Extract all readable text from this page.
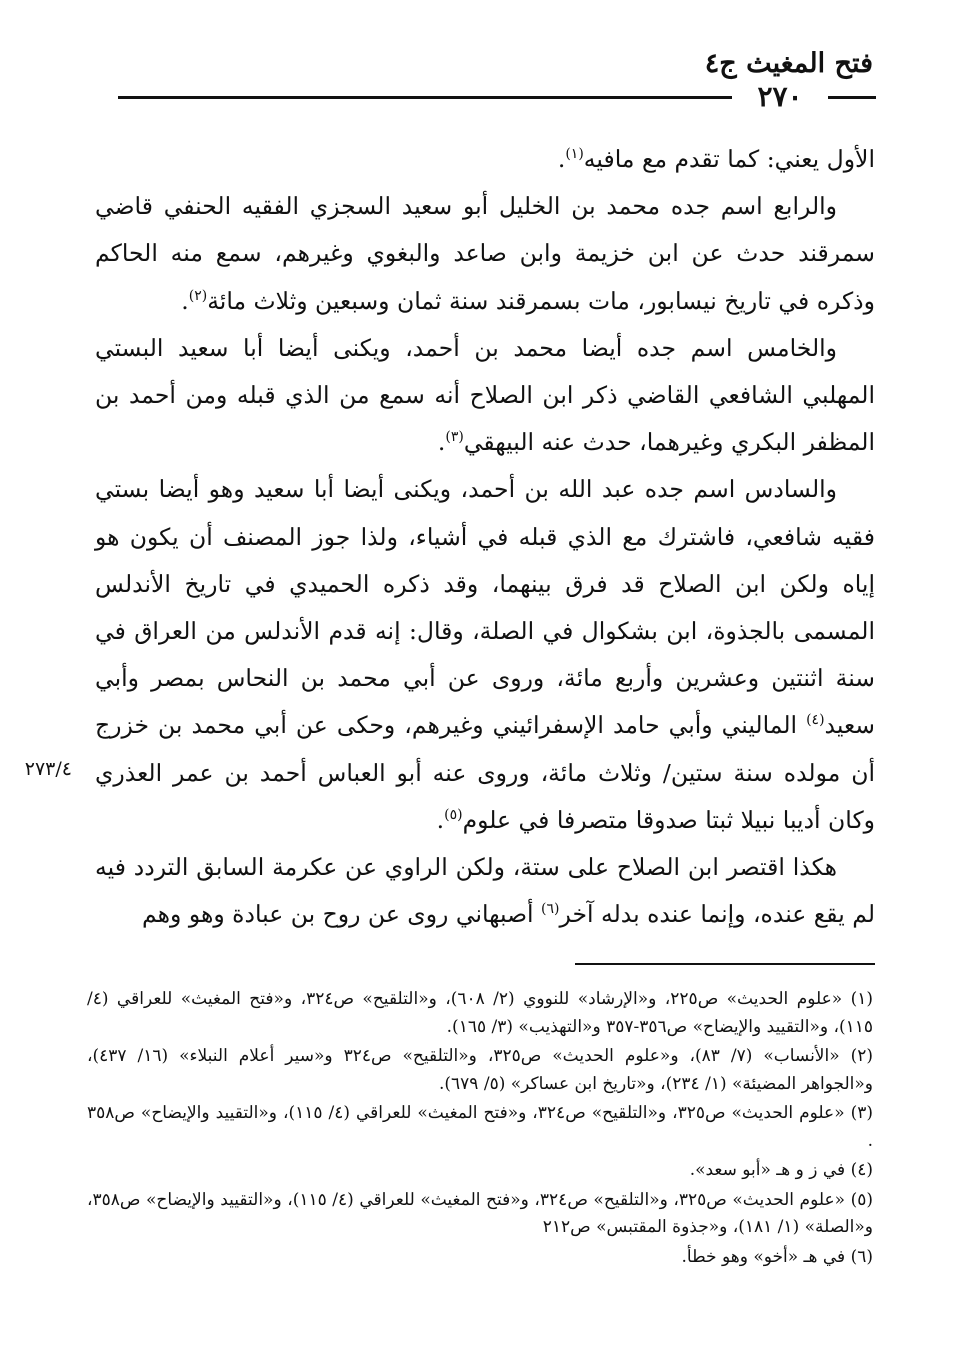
فتح المغيث ج٤
٢٧٠
٢٧٣/٤

الأول يعني: كما تقدم مع مافيه$^{(١)}$.

والرابع اسم جده محمد بن الخليل أبو سعيد السجزي الفقيه الحنفي قاضي سمرقند حدث عن ابن خزيمة وابن صاعد والبغوي وغيرهم، سمع منه الحاكم وذكره في تاريخ نيسابور، مات بسمرقند سنة ثمان وسبعين وثلاث مائة$^{(٢)}$.

والخامس اسم جده أيضا محمد بن أحمد، ويكنى أيضا أبا سعيد البستي المهلبي الشافعي القاضي ذكر ابن الصلاح أنه سمع من الذي قبله ومن أحمد بن المظفر البكري وغيرهما، حدث عنه البيهقي$^{(٣)}$.

والسادس اسم جده عبد الله بن أحمد، ويكنى أيضا أبا سعيد وهو أيضا بستي فقيه شافعي، فاشترك مع الذي قبله في أشياء، ولذا جوز المصنف أن يكون هو إياه ولكن ابن الصلاح قد فرق بينهما، وقد ذكره الحميدي في تاريخ الأندلس المسمى بالجذوة، ابن بشكوال في الصلة، وقال: إنه قدم الأندلس من العراق في سنة اثنتين وعشرين وأربع مائة، وروى عن أبي محمد بن النحاس بمصر وأبي سعيد$^{(٤)}$ الماليني وأبي حامد الإسفرائيني وغيرهم، وحكى عن أبي محمد بن خزرج أن مولده سنة ستين/ وثلاث مائة، وروى عنه أبو العباس أحمد بن عمر العذري وكان أديبا نبيلا ثبتا صدوقا متصرفا في علوم$^{(٥)}$.

هكذا اقتصر ابن الصلاح على ستة، ولكن الراوي عن عكرمة السابق التردد فيه لم يقع عنده، وإنما عنده بدله آخر$^{(٦)}$ أصبهاني روى عن روح بن عبادة وهو وهم

(١) «علوم الحديث» ص٢٢٥، و«الإرشاد» للنووي (٢/ ٦٠٨)، و«التلقيح» ص٣٢٤، و«فتح المغيث» للعراقي (٤/ ١١٥)، و«التقييد والإيضاح» ص٣٥٦-٣٥٧ و«التهذيب» (٣/ ١٦٥).
(٢) «الأنساب» (٧/ ٨٣)، و«علوم الحديث» ص٣٢٥، و«التلقيح» ص٣٢٤ و«سير أعلام النبلاء» (١٦/ ٤٣٧)، و«الجواهر المضيئة» (١/ ٢٣٤)، و«تاريخ ابن عساكر» (٥/ ٦٧٩).
(٣) «علوم الحديث» ص٣٢٥، و«التلقيح» ص٣٢٤، و«فتح المغيث» للعراقي (٤/ ١١٥)، و«التقييد والإيضاح» ص٣٥٨ .
(٤) في ز و هـ «أبو سعد».
(٥) «علوم الحديث» ص٣٢٥، و«التلقيح» ص٣٢٤، و«فتح المغيث» للعراقي (٤/ ١١٥)، و«التقييد والإيضاح» ص٣٥٨، و«الصلة» (١/ ١٨١)، و«جذوة المقتبس» ص٢١٢
(٦) في هـ «أخو» وهو خطأ.
